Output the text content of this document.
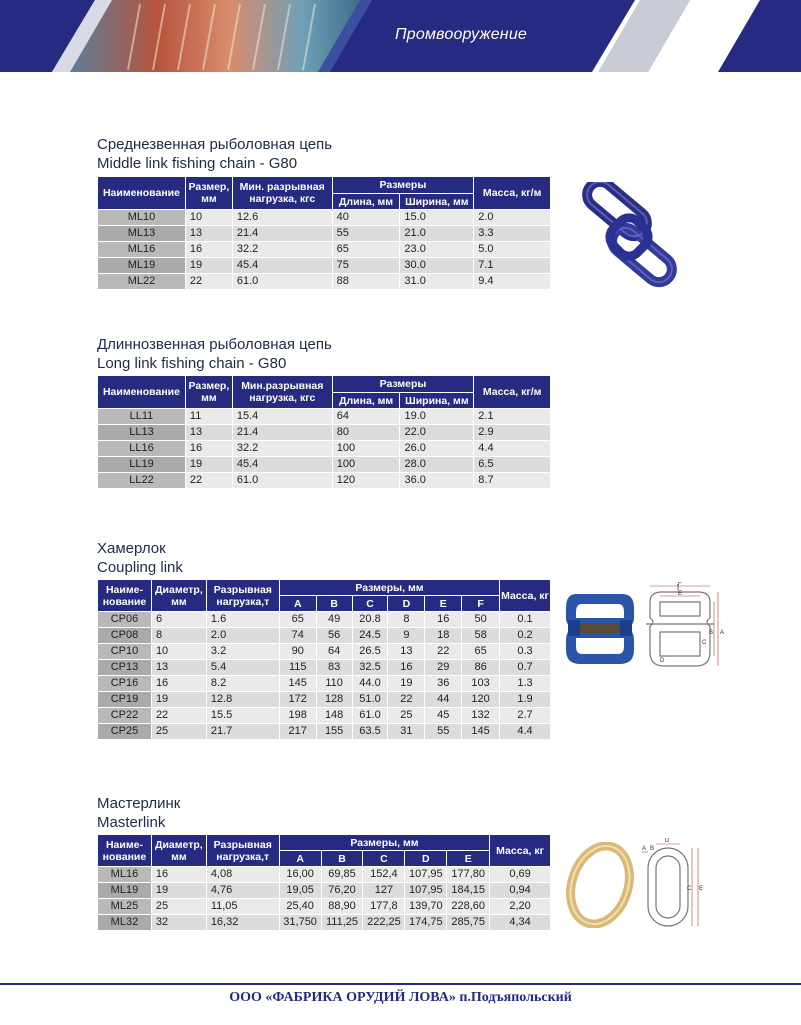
Промвооружение
Среднезвенная рыболовная цепь
Middle link fishing chain - G80
Наименование	Размер, мм	Мин. разрывная нагрузка, кгс	Размеры		Масса, кг/м
			Длина, мм	Ширина, мм	
ML10	10	12.6	40	15.0	2.0
ML13	13	21.4	55	21.0	3.3
ML16	16	32.2	65	23.0	5.0
ML19	19	45.4	75	30.0	7.1
ML22	22	61.0	88	31.0	9.4
Длиннозвенная рыболовная цепь
Long link fishing chain - G80
Наименование	Размер, мм	Мин.разрывная нагрузка, кгс	Размеры		Масса, кг/м
			Длина, мм	Ширина, мм	
LL11	11	15.4	64	19.0	2.1
LL13	13	21.4	80	22.0	2.9
LL16	16	32.2	100	26.0	4.4
LL19	19	45.4	100	28.0	6.5
LL22	22	61.0	120	36.0	8.7
Хамерлок
Coupling link
Наиме-нование	Диаметр, мм	Разрывная нагрузка,т	Размеры, мм						Масса, кг
			A	B	C	D	E	F	
CP06	6	1.6	65	49	20.8	8	16	50	0.1
CP08	8	2.0	74	56	24.5	9	18	58	0.2
CP10	10	3.2	90	64	26.5	13	22	65	0.3
CP13	13	5.4	115	83	32.5	16	29	86	0.7
CP16	16	8.2	145	110	44.0	19	36	103	1.3
CP19	19	12.8	172	128	51.0	22	44	120	1.9
CP22	22	15.5	198	148	61.0	25	45	132	2.7
CP25	25	21.7	217	155	63.5	31	55	145	4.4
F
E
B A
C
D
Мастерлинк
Masterlink
Наиме-нование	Диаметр, мм	Разрывная нагрузка,т	Размеры, мм					Масса, кг
			A	B	C	D	E	
ML16	16	4,08	16,00	69,85	152,4	107,95	177,80	0,69
ML19	19	4,76	19,05	76,20	127	107,95	184,15	0,94
ML25	25	11,05	25,40	88,90	177,8	139,70	228,60	2,20
ML32	32	16,32	31,750	111,25	222,25	174,75	285,75	4,34
D
A B
C E
ООО «ФАБРИКА ОРУДИЙ ЛОВА» п.Подъяпольский
